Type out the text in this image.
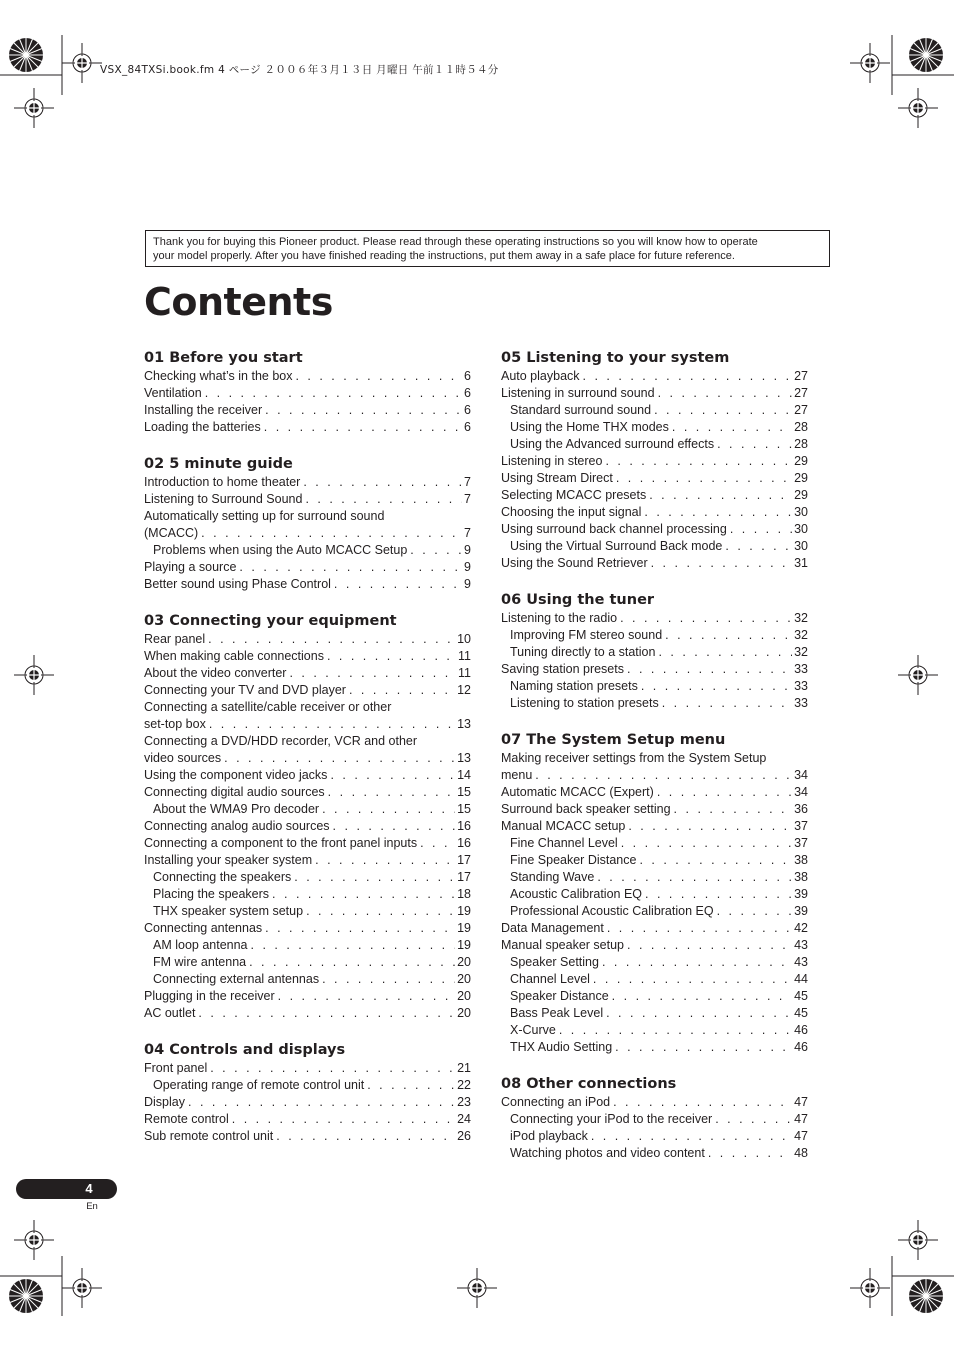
VSX_84TXSi.book.fm 4 ページ ２００６年３月１３日 月曜日 午前１１時５４分
Thank you for buying this Pioneer product. Please read through these operating instructions so you will know how to operate
your model properly. After you have finished reading the instructions, put them away in a safe place for future reference.
Contents
01 Before you start
Checking what’s in the box . . .	6
Ventilation . . .	6
Installing the receiver . . .	6
Loading the batteries . . .	6
02 5 minute guide
Introduction to home theater . . .	7
Listening to Surround Sound . . .	7
Automatically setting up for surround sound
(MCACC) . . .	7
Problems when using the Auto MCACC Setup . . .	9
Playing a source . . .	9
Better sound using Phase Control . . .	9
03 Connecting your equipment
Rear panel . . .	10
When making cable connections . . .	11
About the video converter . . .	11
Connecting your TV and DVD player . . .	12
Connecting a satellite/cable receiver or other
set-top box . . .	13
Connecting a DVD/HDD recorder, VCR and other
video sources . . .	13
Using the component video jacks . . .	14
Connecting digital audio sources . . .	15
About the WMA9 Pro decoder . . .	15
Connecting analog audio sources . . .	16
Connecting a component to the front panel inputs . . .	16
Installing your speaker system . . .	17
Connecting the speakers . . .	17
Placing the speakers . . .	18
THX speaker system setup . . .	19
Connecting antennas . . .	19
AM loop antenna . . .	19
FM wire antenna . . .	20
Connecting external antennas . . .	20
Plugging in the receiver . . .	20
AC outlet . . .	20
04 Controls and displays
Front panel . . .	21
Operating range of remote control unit . . .	22
Display . . .	23
Remote control . . .	24
Sub remote control unit . . .	26
05 Listening to your system
Auto playback . . .	27
Listening in surround sound . . .	27
Standard surround sound . . .	27
Using the Home THX modes . . .	28
Using the Advanced surround effects . . .	28
Listening in stereo . . .	29
Using Stream Direct . . .	29
Selecting MCACC presets . . .	29
Choosing the input signal . . .	30
Using surround back channel processing . . .	30
Using the Virtual Surround Back mode . . .	30
Using the Sound Retriever . . .	31
06 Using the tuner
Listening to the radio . . .	32
Improving FM stereo sound . . .	32
Tuning directly to a station . . .	32
Saving station presets . . .	33
Naming station presets . . .	33
Listening to station presets . . .	33
07 The System Setup menu
Making receiver settings from the System Setup
menu . . .	34
Automatic MCACC (Expert) . . .	34
Surround back speaker setting . . .	36
Manual MCACC setup . . .	37
Fine Channel Level . . .	37
Fine Speaker Distance . . .	38
Standing Wave . . .	38
Acoustic Calibration EQ . . .	39
Professional Acoustic Calibration EQ . . .	39
Data Management . . .	42
Manual speaker setup . . .	43
Speaker Setting . . .	43
Channel Level . . .	44
Speaker Distance . . .	45
Bass Peak Level . . .	45
X-Curve . . .	46
THX Audio Setting . . .	46
08 Other connections
Connecting an iPod . . .	47
Connecting your iPod to the receiver . . .	47
iPod playback . . .	47
Watching photos and video content . . .	48
4
En
